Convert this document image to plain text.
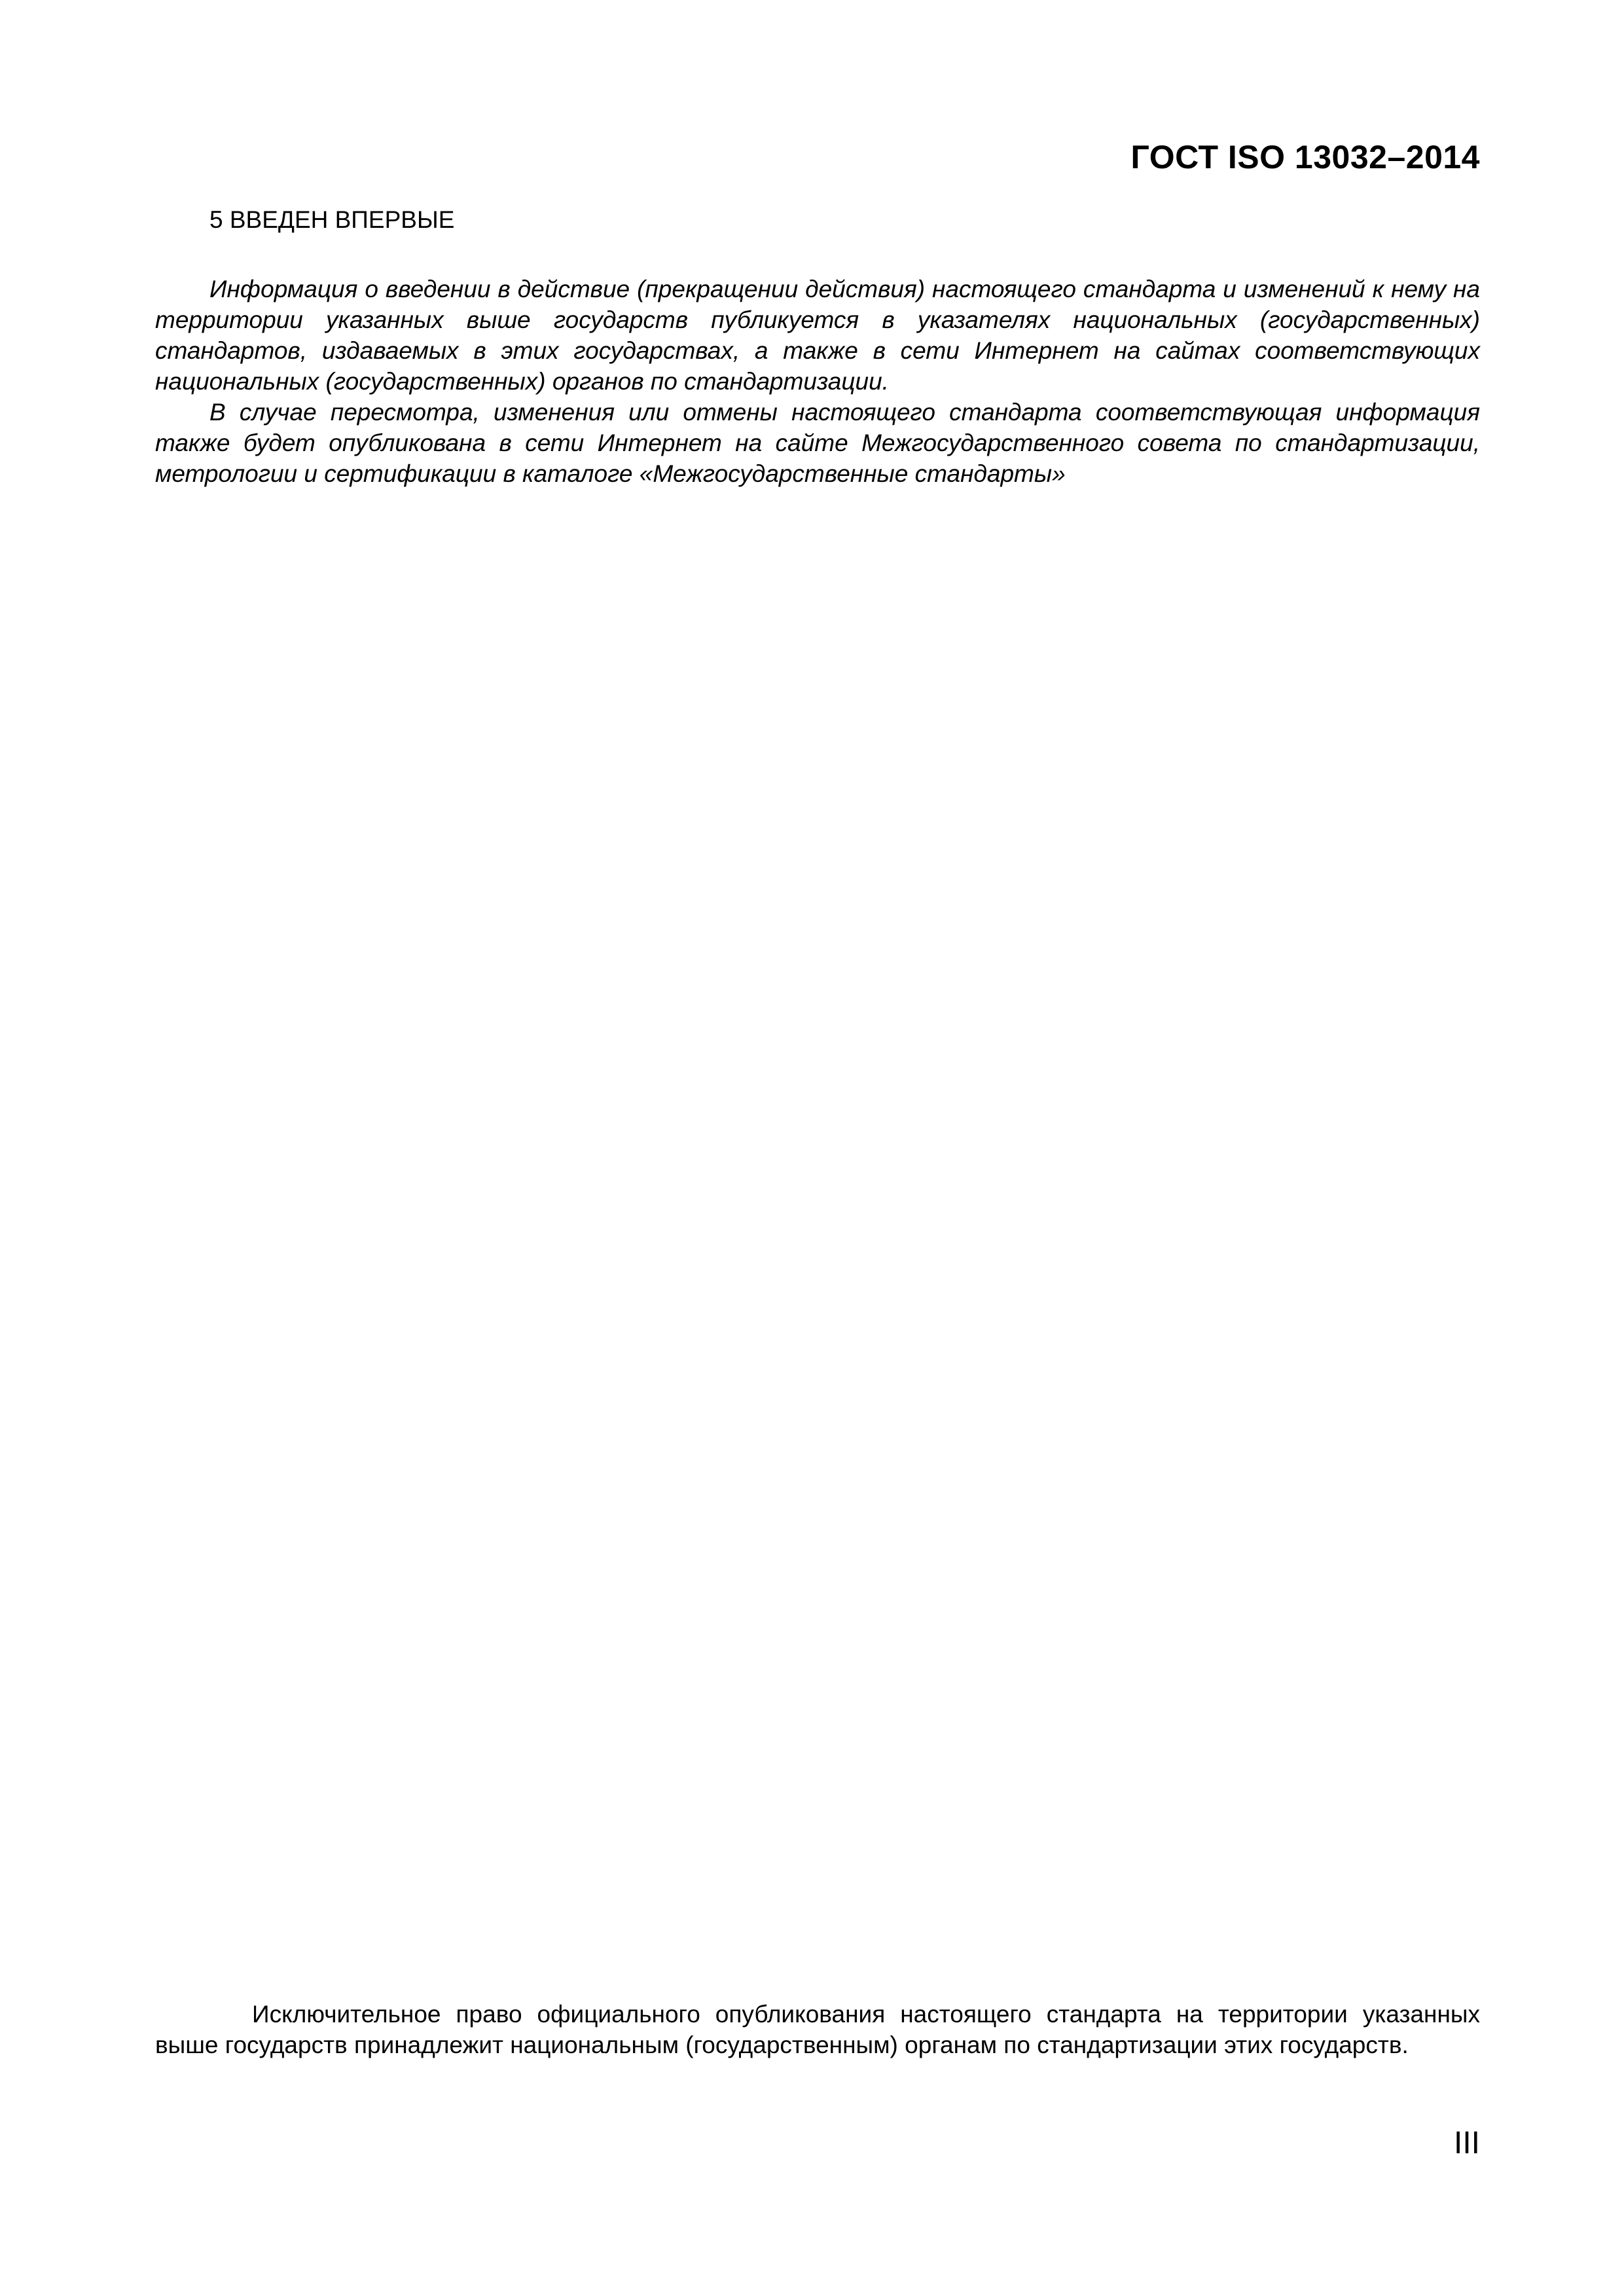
ГОСТ ISO 13032–2014
5 ВВЕДЕН ВПЕРВЫЕ

Информация о введении в действие (прекращении действия) настоящего стандарта и изменений к нему на территории указанных выше государств публикуется в указателях национальных (государственных) стандартов, издаваемых в этих государствах, а также в сети Интернет на сайтах соответствующих национальных (государственных) органов по стандартизации.

В случае пересмотра, изменения или отмены настоящего стандарта соответствующая информация также будет опубликована в сети Интернет на сайте Межгосударственного совета по стандартизации, метрологии и сертификации в каталоге «Межгосударственные стандарты»

Исключительное право официального опубликования настоящего стандарта на территории указанных выше государств принадлежит национальным (государственным) органам по стандартизации этих государств.

III
